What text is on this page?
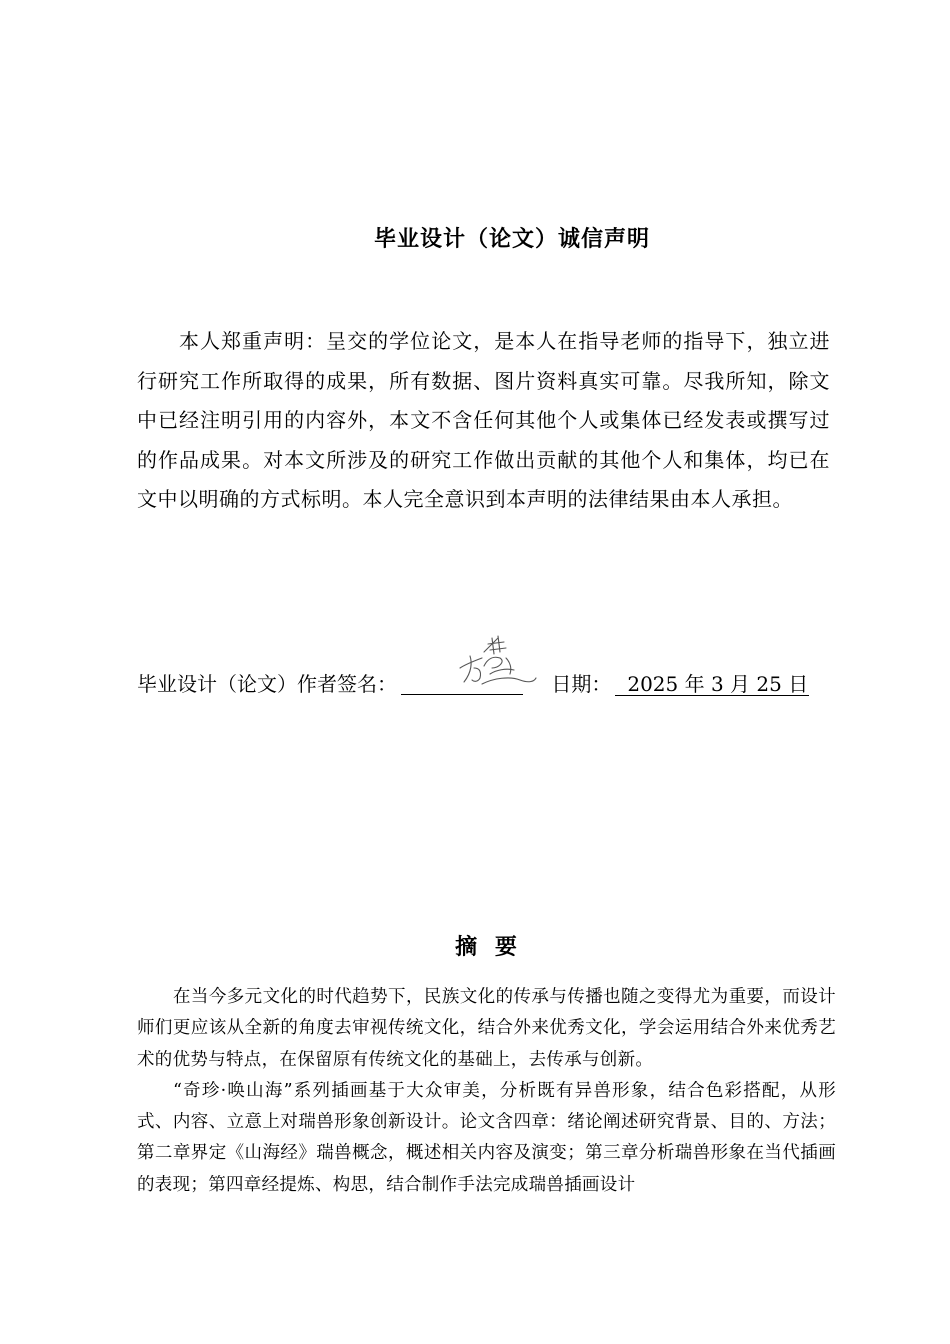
毕业设计（论文）诚信声明

本人郑重声明：呈交的学位论文，是本人在指导老师的指导下，独立进行研究工作所取得的成果，所有数据、图片资料真实可靠。尽我所知，除文中已经注明引用的内容外，本文不含任何其他个人或集体已经发表或撰写过的作品成果。对本文所涉及的研究工作做出贡献的其他个人和集体，均已在文中以明确的方式标明。本人完全意识到本声明的法律结果由本人承担。

毕业设计（论文）作者签名：	日期： 2025 年 3 月 25 日
摘 要

在当今多元文化的时代趋势下，民族文化的传承与传播也随之变得尤为重要，而设计师们更应该从全新的角度去审视传统文化，结合外来优秀文化，学会运用结合外来优秀艺术的优势与特点，在保留原有传统文化的基础上，去传承与创新。

“奇珍·唤山海”系列插画基于大众审美，分析既有异兽形象，结合色彩搭配，从形式、内容、立意上对瑞兽形象创新设计。论文含四章：绪论阐述研究背景、目的、方法；第二章界定《山海经》瑞兽概念，概述相关内容及演变；第三章分析瑞兽形象在当代插画的表现；第四章经提炼、构思，结合制作手法完成瑞兽插画设计
